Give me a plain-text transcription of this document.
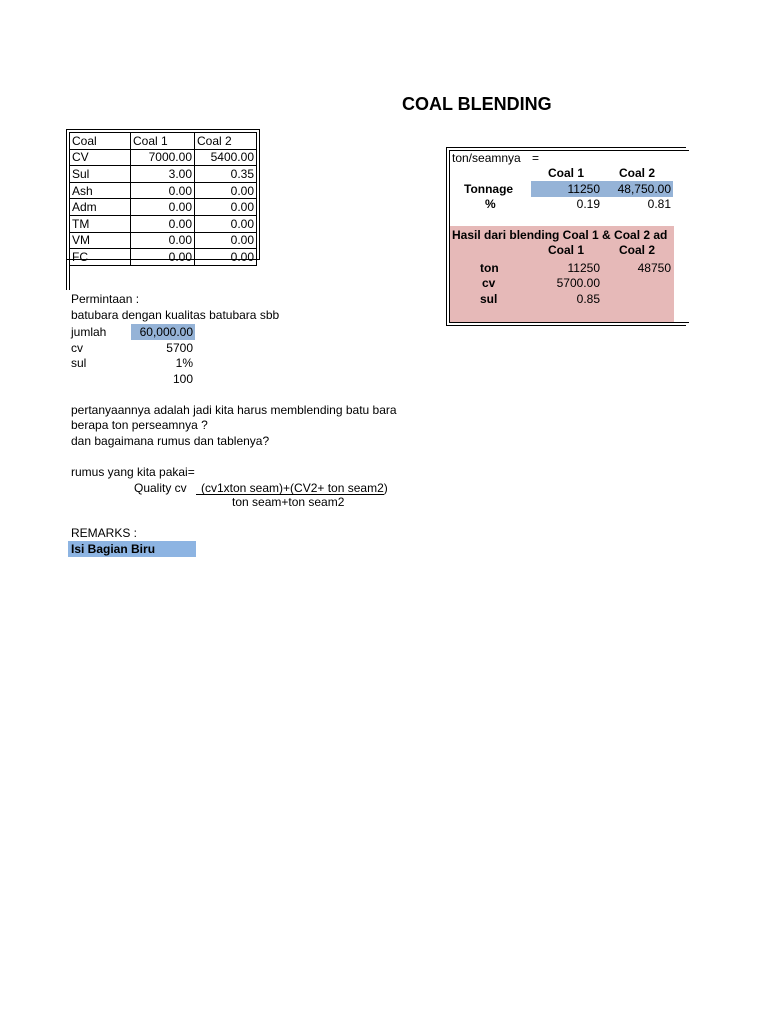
COAL BLENDING
Coal	Coal 1	Coal 2
CV	7000.00	5400.00
Sul	3.00	0.35
Ash	0.00	0.00
Adm	0.00	0.00
TM	0.00	0.00
VM	0.00	0.00
FC	0.00	0.00
Permintaan :
batubara dengan kualitas batubara sbb
jumlah	60,000.00
cv	5700
sul	1%
100
pertanyaannya adalah jadi kita harus memblending batu bara
berapa ton perseamnya ?
dan bagaimana rumus dan tablenya?
rumus yang kita pakai=
Quality cv (cv1xton seam)+(CV2+ ton seam2)
ton seam+ton seam2
REMARKS :
Isi Bagian Biru
ton/seamnya =
Coal 1	Coal 2
Tonnage	11250	48,750.00
%	0.19	0.81
Hasil dari blending Coal 1 & Coal 2 ad
Coal 1	Coal 2
ton	11250	48750
cv	5700.00
sul	0.85
